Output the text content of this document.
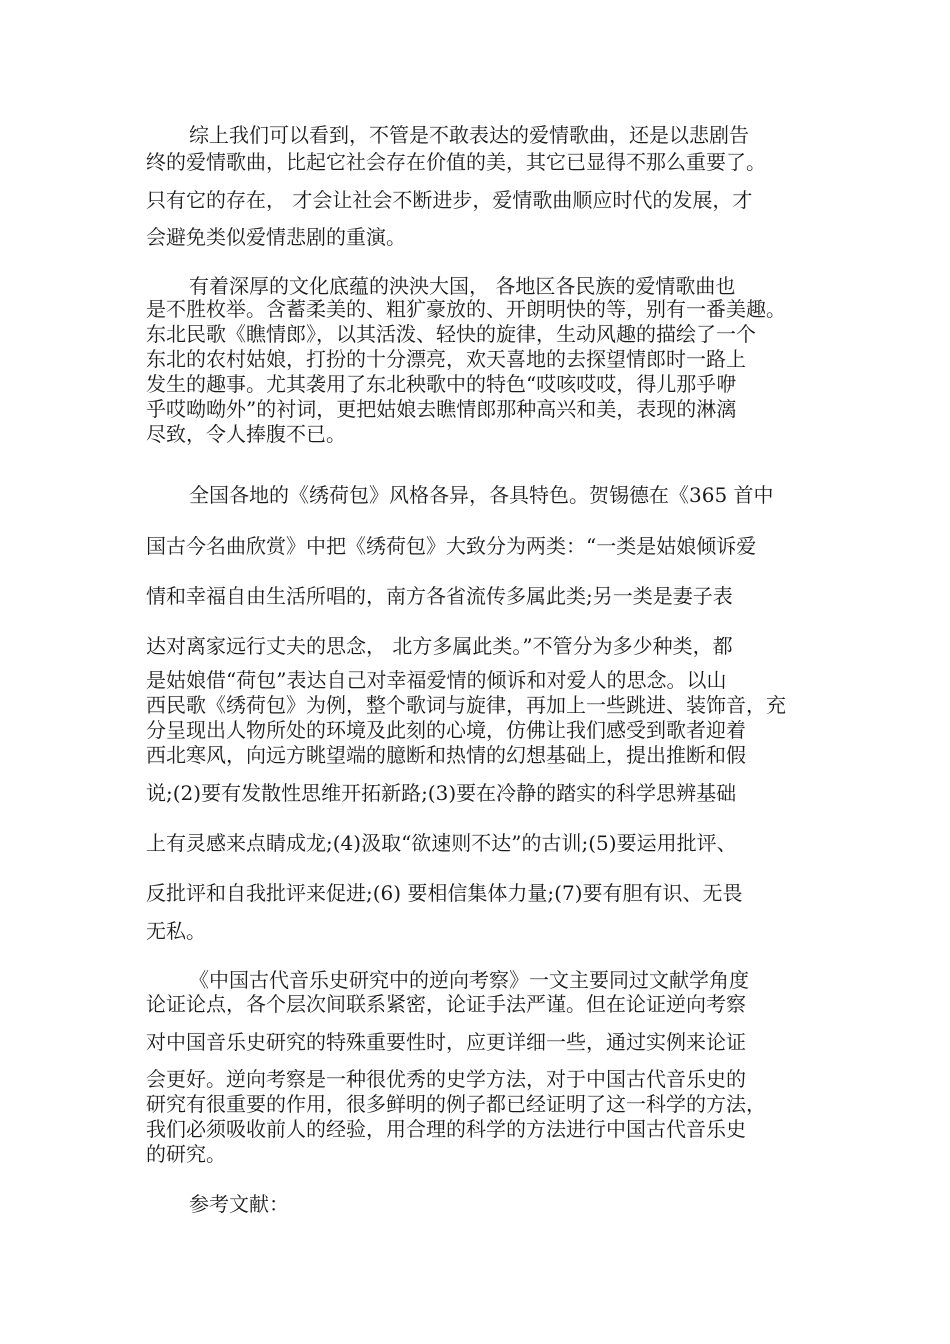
综上我们可以看到，不管是不敢表达的爱情歌曲，还是以悲剧告

终的爱情歌曲，比起它社会存在价值的美，其它已显得不那么重要了。

只有它的存在， 才会让社会不断进步，爱情歌曲顺应时代的发展，才

会避免类似爱情悲剧的重演。

有着深厚的文化底蕴的泱泱大国， 各地区各民族的爱情歌曲也

是不胜枚举。含蓄柔美的、粗犷豪放的、开朗明快的等，别有一番美趣。

东北民歌《瞧情郎》，以其活泼、轻快的旋律，生动风趣的描绘了一个

东北的农村姑娘，打扮的十分漂亮，欢天喜地的去探望情郎时一路上

发生的趣事。尤其袭用了东北秧歌中的特色“哎咳哎哎，得儿那乎咿

乎哎呦呦外”的衬词，更把姑娘去瞧情郎那种高兴和美，表现的淋漓

尽致，令人捧腹不已。

全国各地的《绣荷包》风格各异，各具特色。贺锡德在《365 首中

国古今名曲欣赏》中把《绣荷包》大致分为两类：“一类是姑娘倾诉爱

情和幸福自由生活所唱的，南方各省流传多属此类;另一类是妻子表

达对离家远行丈夫的思念， 北方多属此类。”不管分为多少种类，都

是姑娘借“荷包”表达自己对幸福爱情的倾诉和对爱人的思念。以山

西民歌《绣荷包》为例，整个歌词与旋律，再加上一些跳进、装饰音，充

分呈现出人物所处的环境及此刻的心境，仿佛让我们感受到歌者迎着

西北寒风，向远方眺望端的臆断和热情的幻想基础上，提出推断和假

说;(2)要有发散性思维开拓新路;(3)要在冷静的踏实的科学思辨基础

上有灵感来点睛成龙;(4)汲取“欲速则不达”的古训;(5)要运用批评、

反批评和自我批评来促进;(6) 要相信集体力量;(7)要有胆有识、无畏

无私。

《中国古代音乐史研究中的逆向考察》一文主要同过文献学角度

论证论点，各个层次间联系紧密，论证手法严谨。但在论证逆向考察

对中国音乐史研究的特殊重要性时，应更详细一些，通过实例来论证

会更好。逆向考察是一种很优秀的史学方法，对于中国古代音乐史的

研究有很重要的作用，很多鲜明的例子都已经证明了这一科学的方法，

我们必须吸收前人的经验，用合理的科学的方法进行中国古代音乐史

的研究。

参考文献：
